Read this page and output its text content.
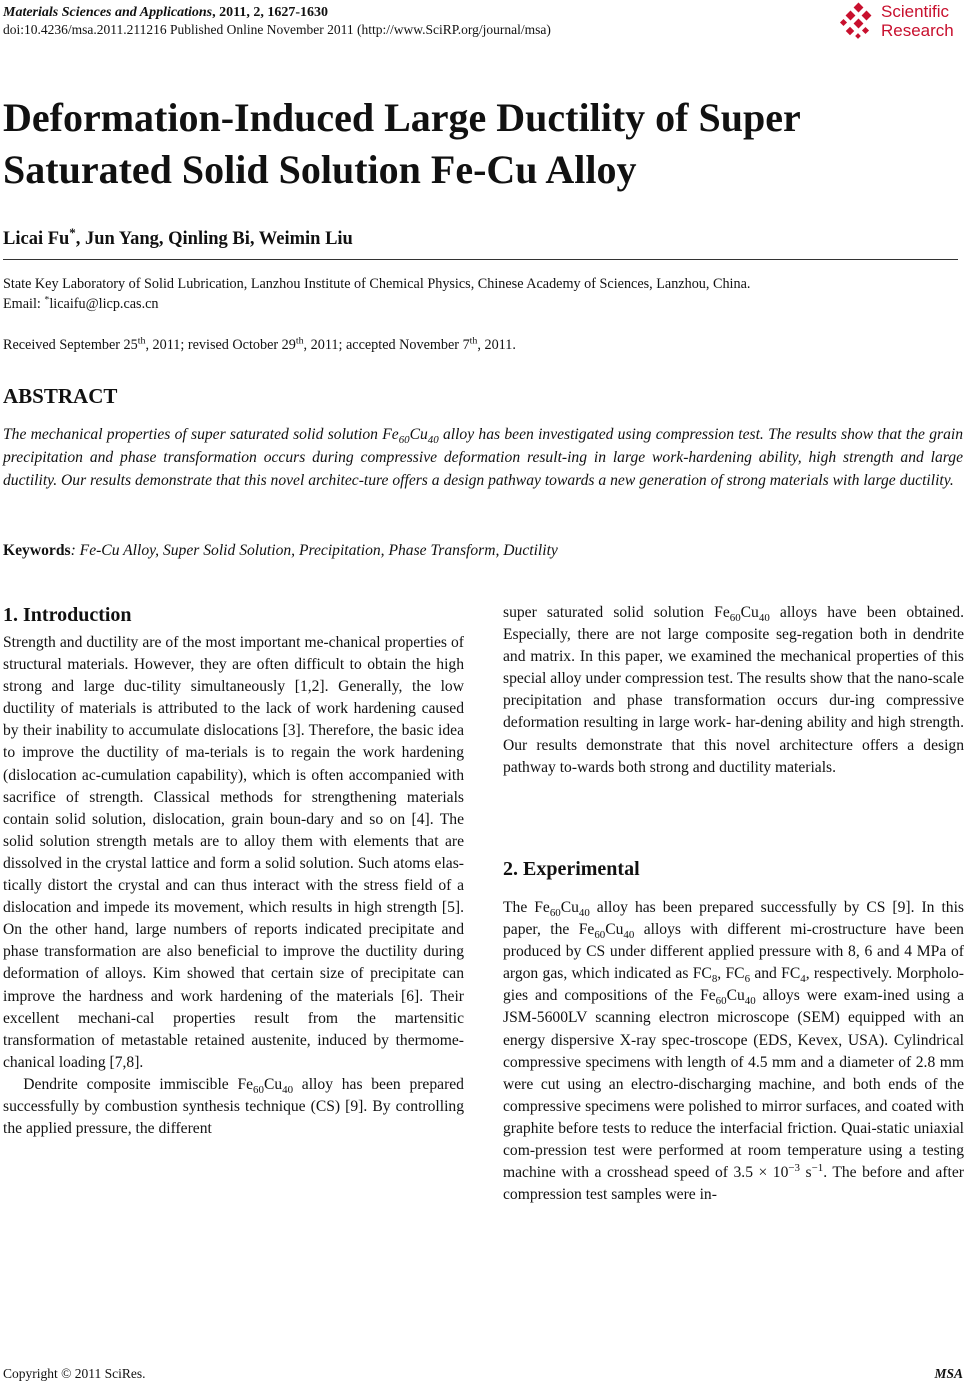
Materials Sciences and Applications, 2011, 2, 1627-1630
doi:10.4236/msa.2011.211216 Published Online November 2011 (http://www.SciRP.org/journal/msa)
Scientific
Research
Deformation-Induced Large Ductility of Super
Saturated Solid Solution Fe-Cu Alloy
Licai Fu*, Jun Yang, Qinling Bi, Weimin Liu
State Key Laboratory of Solid Lubrication, Lanzhou Institute of Chemical Physics, Chinese Academy of Sciences, Lanzhou, China.
Email: *licaifu@licp.cas.cn
Received September 25th, 2011; revised October 29th, 2011; accepted November 7th, 2011.
ABSTRACT
The mechanical properties of super saturated solid solution $Fe_{60}Cu_{40}$ alloy has been investigated using compression test. The results show that the grain precipitation and phase transformation occurs during compressive deformation result-ing in large work-hardening ability, high strength and large ductility. Our results demonstrate that this novel architec-ture offers a design pathway towards a new generation of strong materials with large ductility.
Keywords: Fe-Cu Alloy, Super Solid Solution, Precipitation, Phase Transform, Ductility
1. Introduction

Strength and ductility are of the most important me-chanical properties of structural materials. However, they are often difficult to obtain the high strong and large duc-tility simultaneously [1,2]. Generally, the low ductility of materials is attributed to the lack of work hardening caused by their inability to accumulate dislocations [3]. Therefore, the basic idea to improve the ductility of ma-terials is to regain the work hardening (dislocation ac-cumulation capability), which is often accompanied with sacrifice of strength. Classical methods for strengthening materials contain solid solution, dislocation, grain boun-dary and so on [4]. The solid solution strength metals are to alloy them with elements that are dissolved in the crystal lattice and form a solid solution. Such atoms elas-tically distort the crystal and can thus interact with the stress field of a dislocation and impede its movement, which results in high strength [5]. On the other hand, large numbers of reports indicated precipitate and phase transformation are also beneficial to improve the ductility during deformation of alloys. Kim showed that certain size of precipitate can improve the hardness and work hardening of the materials [6]. Their excellent mechani-cal properties result from the martensitic transformation of metastable retained austenite, induced by thermome-chanical loading [7,8].

Dendrite composite immiscible $Fe_{60}Cu_{40}$ alloy has been prepared successfully by combustion synthesis technique (CS) [9]. By controlling the applied pressure, the different

super saturated solid solution $Fe_{60}Cu_{40}$ alloys have been obtained. Especially, there are not large composite seg-regation both in dendrite and matrix. In this paper, we examined the mechanical properties of this special alloy under compression test. The results show that the nano-scale precipitation and phase transformation occurs dur-ing compressive deformation resulting in large work- har-dening ability and high strength. Our results demonstrate that this novel architecture offers a design pathway to-wards both strong and ductility materials.

2. Experimental

The $Fe_{60}Cu_{40}$ alloy has been prepared successfully by CS [9]. In this paper, the $Fe_{60}Cu_{40}$ alloys with different mi-crostructure have been produced by CS under different applied pressure with 8, 6 and 4 MPa of argon gas, which indicated as $FC_8$, $FC_6$ and $FC_4$, respectively. Morpholo-gies and compositions of the $Fe_{60}Cu_{40}$ alloys were exam-ined using a JSM-5600LV scanning electron microscope (SEM) equipped with an energy dispersive X-ray spec-troscope (EDS, Kevex, USA). Cylindrical compressive specimens with length of 4.5 mm and a diameter of 2.8 mm were cut using an electro-discharging machine, and both ends of the compressive specimens were polished to mirror surfaces, and coated with graphite before tests to reduce the interfacial friction. Quai-static uniaxial com-pression test were performed at room temperature using a testing machine with a crosshead speed of $3.5 \times 10^{-3}$ $s^{-1}$. The before and after compression test samples were in-

Copyright © 2011 SciRes.	MSA
